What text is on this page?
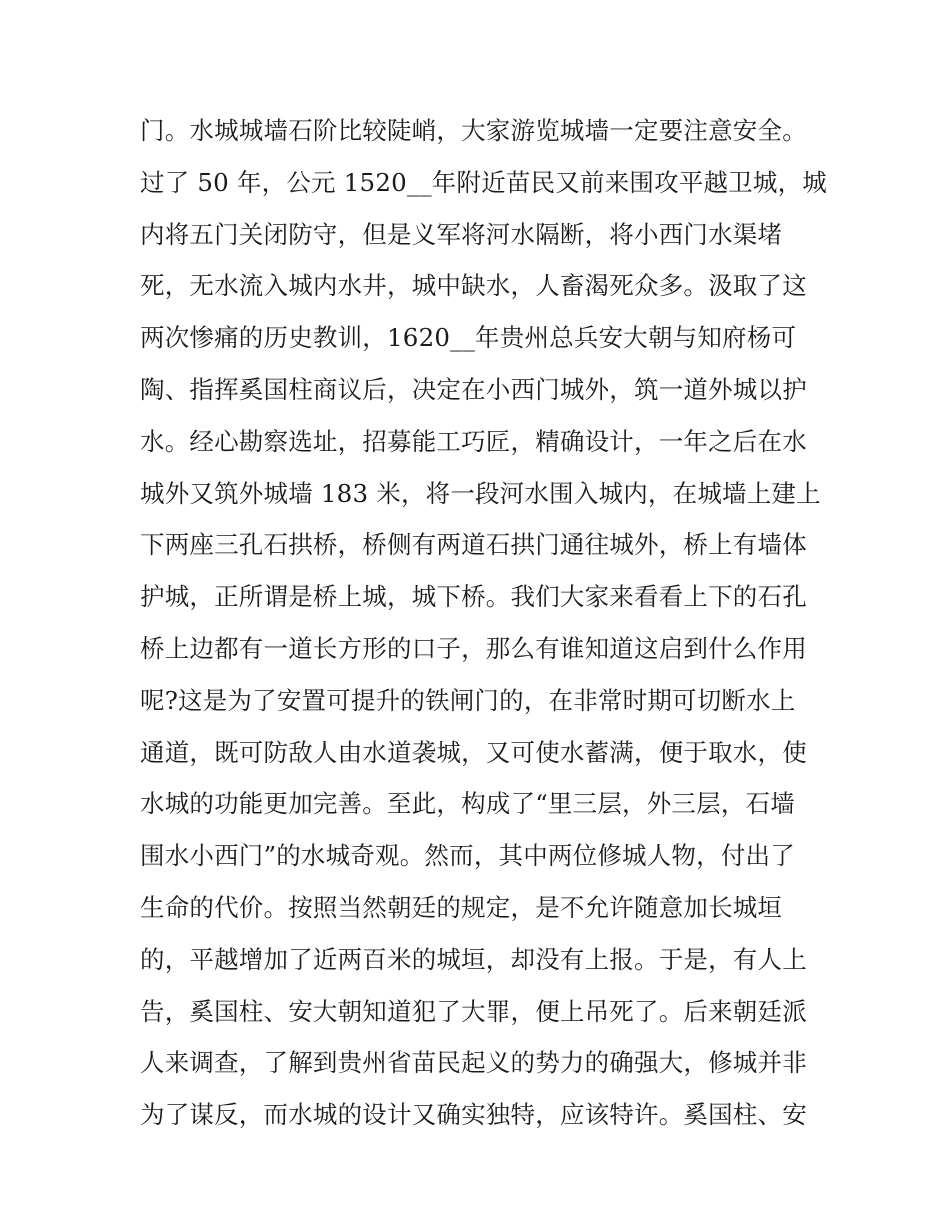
门。水城城墙石阶比较陡峭，大家游览城墙一定要注意安全。
过了 50 年，公元 1520__年附近苗民又前来围攻平越卫城，城
内将五门关闭防守，但是义军将河水隔断，将小西门水渠堵
死，无水流入城内水井，城中缺水，人畜渴死众多。汲取了这
两次惨痛的历史教训，1620__年贵州总兵安大朝与知府杨可
陶、指挥奚国柱商议后，决定在小西门城外，筑一道外城以护
水。经心勘察选址，招募能工巧匠，精确设计，一年之后在水
城外又筑外城墙 183 米，将一段河水围入城内，在城墙上建上
下两座三孔石拱桥，桥侧有两道石拱门通往城外，桥上有墙体
护城，正所谓是桥上城，城下桥。我们大家来看看上下的石孔
桥上边都有一道长方形的口子，那么有谁知道这启到什么作用
呢?这是为了安置可提升的铁闸门的，在非常时期可切断水上
通道，既可防敌人由水道袭城，又可使水蓄满，便于取水，使
水城的功能更加完善。至此，构成了“里三层，外三层，石墙
围水小西门”的水城奇观。然而，其中两位修城人物，付出了
生命的代价。按照当然朝廷的规定，是不允许随意加长城垣
的，平越增加了近两百米的城垣，却没有上报。于是，有人上
告，奚国柱、安大朝知道犯了大罪，便上吊死了。后来朝廷派
人来调查，了解到贵州省苗民起义的势力的确强大，修城并非
为了谋反，而水城的设计又确实独特，应该特许。奚国柱、安
